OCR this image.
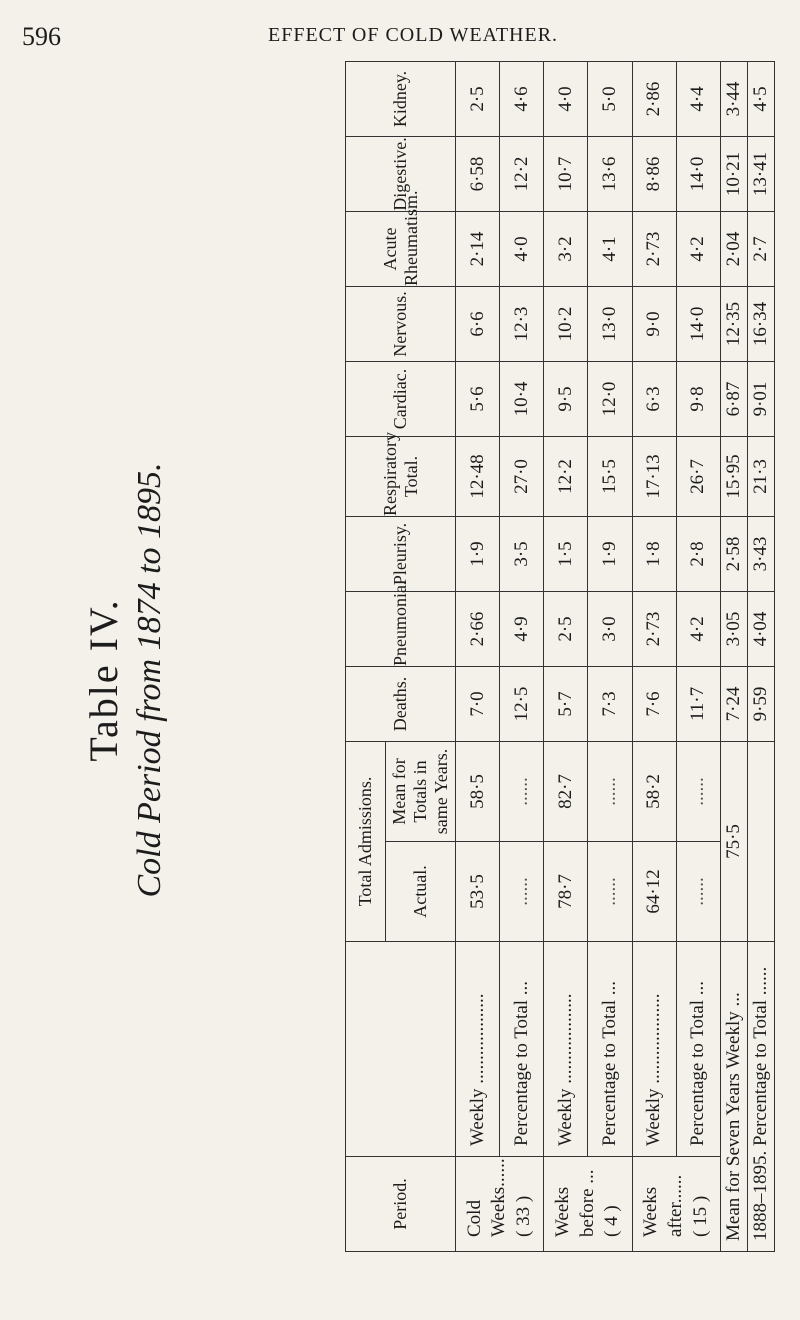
596	EFFECT OF COLD WEATHER.
Table IV. Cold Period from 1874 to 1895.
Period.		Total Admissions.		Deaths.	Pneumonia.	Pleurisy.	Respiratory Total.	Cardiac.	Nervous.	Acute Rheumatism.	Digestive.	Kidney.
		Actual.	Mean for Totals in same Years.									

Cold Weeks...... ( 33 )	Weekly ...................	53·5	58·5	7·0	2·66	1·9	12·48	5·6	6·6	2·14	6·58	2·5
	Percentage to Total ...	......	......	12·5	4·9	3·5	27·0	10·4	12·3	4·0	12·2	4·6

Weeks before ... ( 4 )	Weekly ...................	78·7	82·7	5·7	2·5	1·5	12·2	9·5	10·2	3·2	10·7	4·0
	Percentage to Total ...	......	......	7·3	3·0	1·9	15·5	12·0	13·0	4·1	13·6	5·0

Weeks after...... ( 15 )	Weekly ...................	64·12	58·2	7·6	2·73	1·8	17·13	6·3	9·0	2·73	8·86	2·86
	Percentage to Total ...	......	......	11·7	4·2	2·8	26·7	9·8	14·0	4·2	14·0	4·4
Mean for Seven Years Weekly ...		75·5		7·24	3·05	2·58	15·95	6·87	12·35	2·04	10·21	3·44
1888–1895. Percentage to Total ......				9·59	4·04	3·43	21·3	9·01	16·34	2·7	13·41	4·5
